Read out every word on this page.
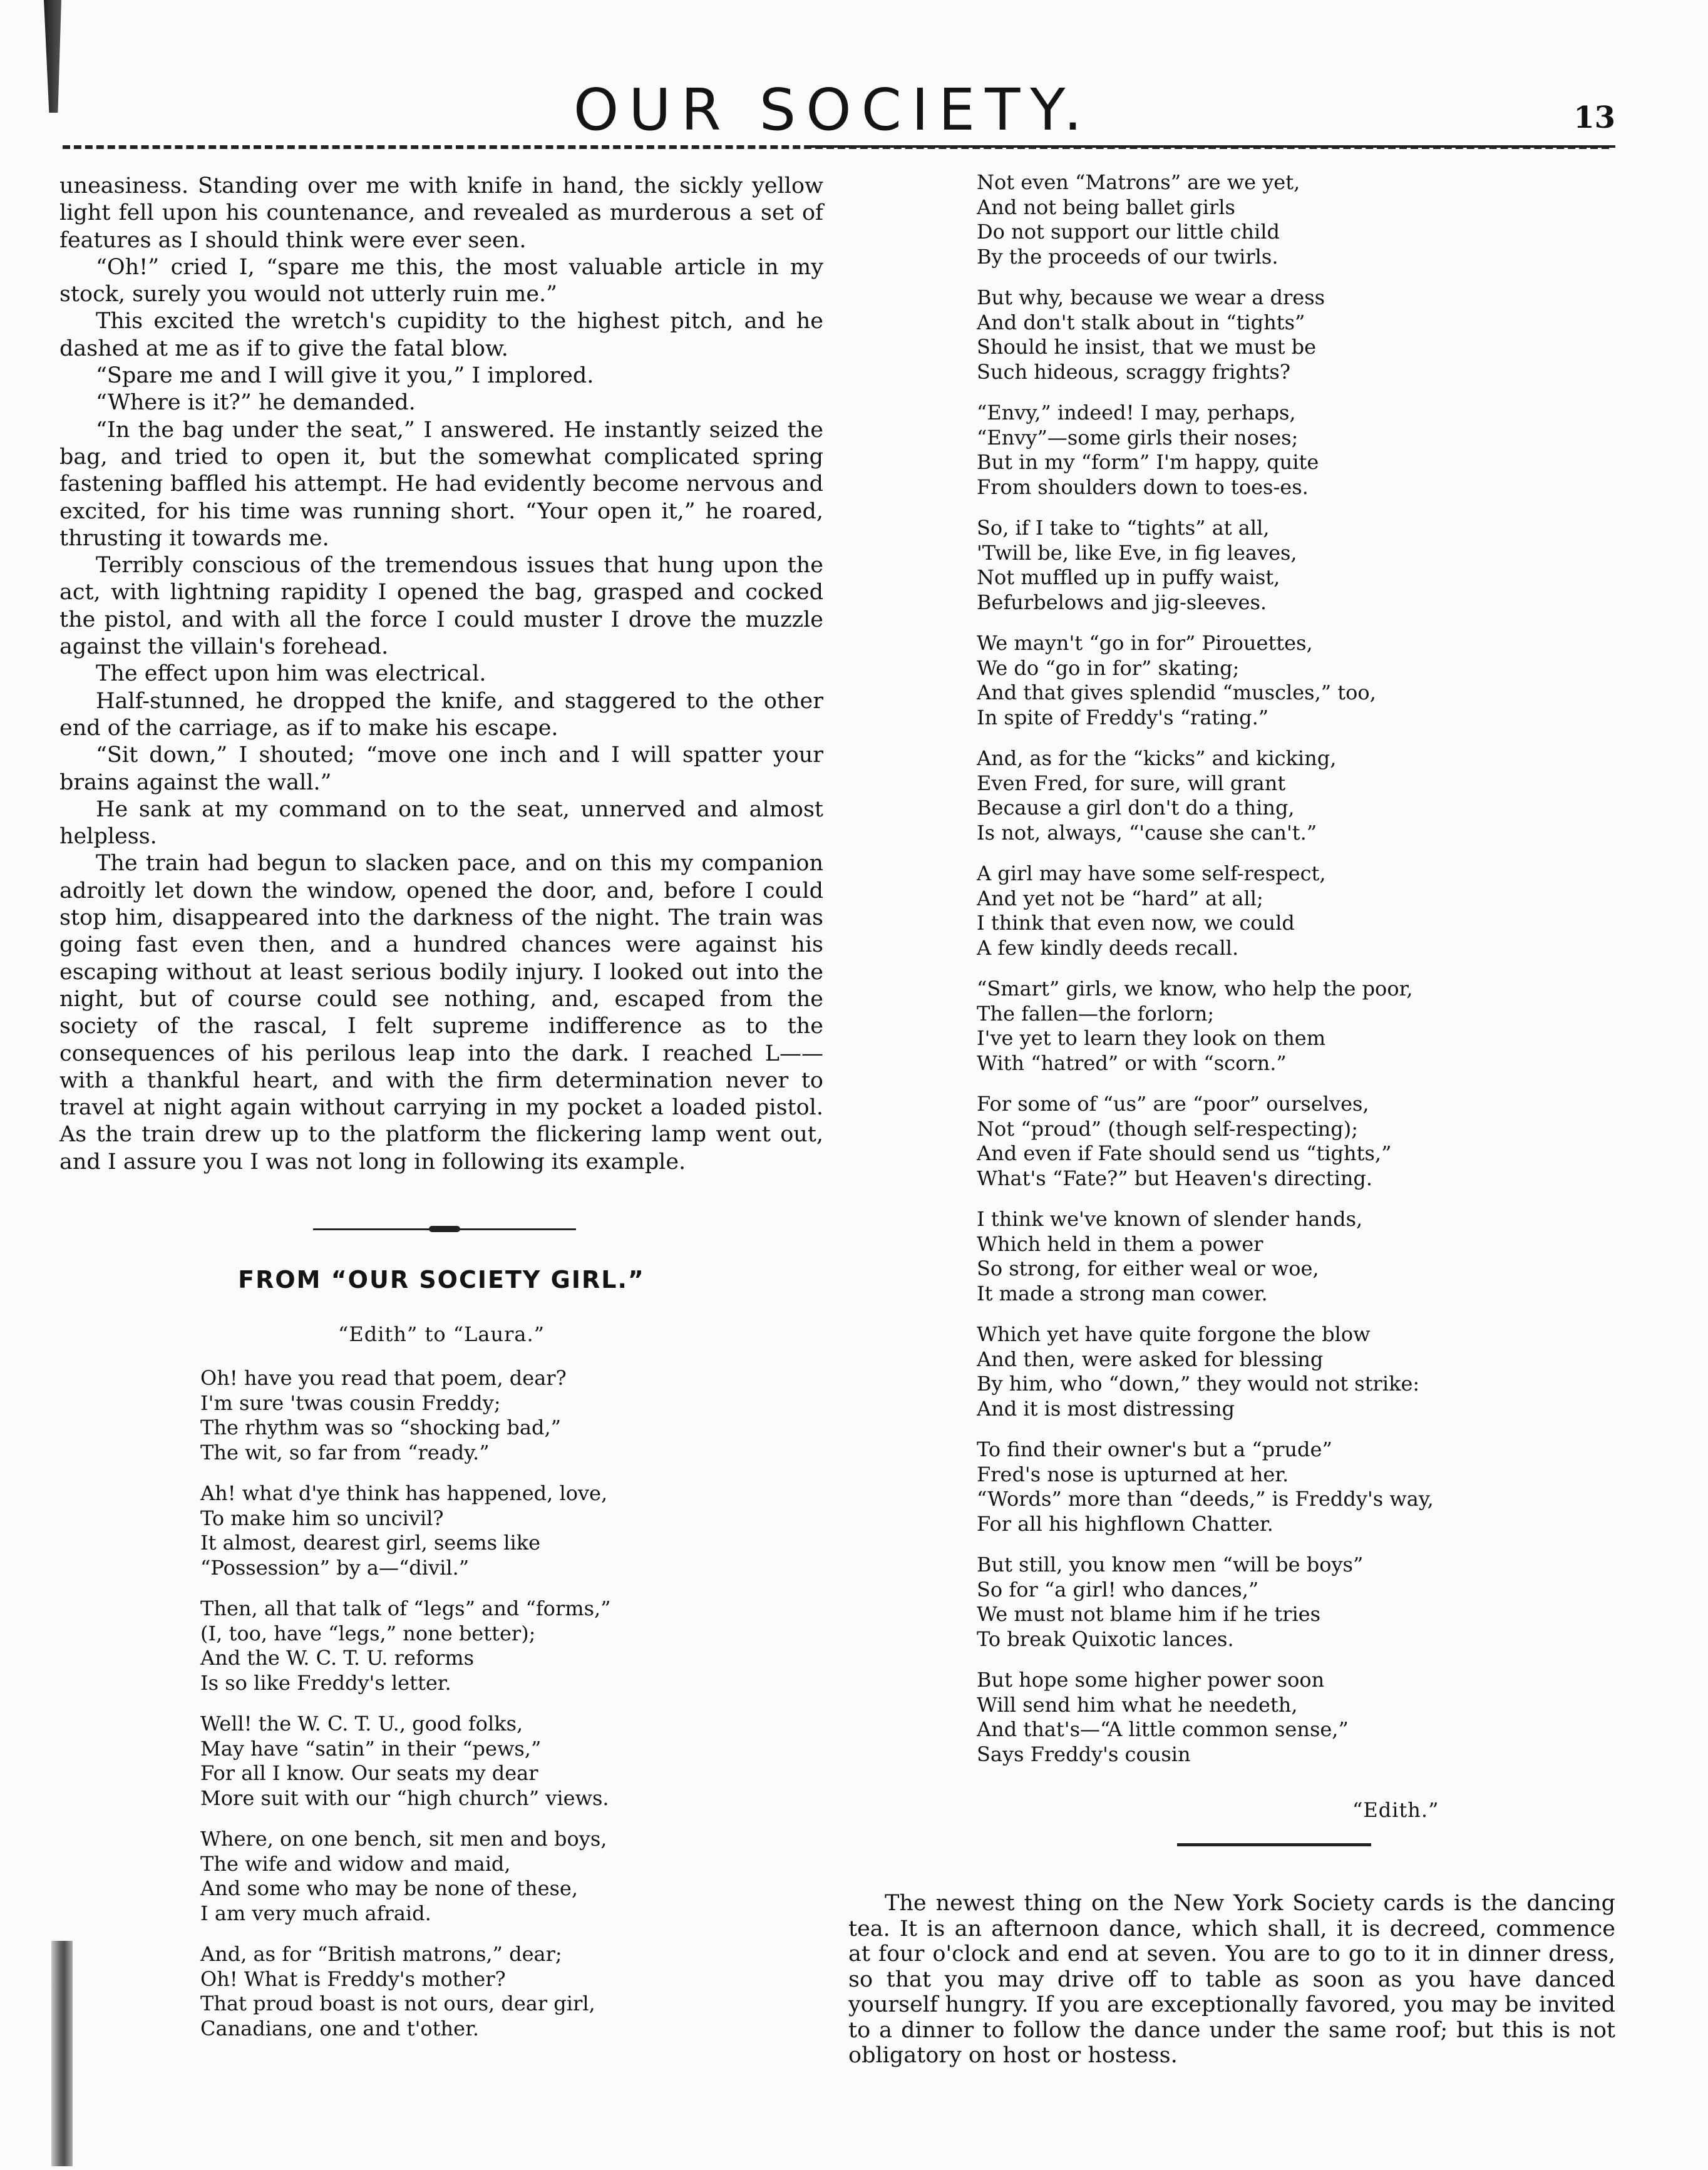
OUR SOCIETY.	13

uneasiness. Standing over me with knife in hand, the sickly yellow light fell upon his countenance, and revealed as murderous a set of features as I should think were ever seen.

“Oh!” cried I, “spare me this, the most valuable article in my stock, surely you would not utterly ruin me.”

This excited the wretch's cupidity to the highest pitch, and he dashed at me as if to give the fatal blow.

“Spare me and I will give it you,” I implored.

“Where is it?” he demanded.

“In the bag under the seat,” I answered. He instantly seized the bag, and tried to open it, but the somewhat complicated spring fastening baffled his attempt. He had evidently become nervous and excited, for his time was running short. “Your open it,” he roared, thrusting it towards me.

Terribly conscious of the tremendous issues that hung upon the act, with lightning rapidity I opened the bag, grasped and cocked the pistol, and with all the force I could muster I drove the muzzle against the villain's forehead.

The effect upon him was electrical.

Half-stunned, he dropped the knife, and staggered to the other end of the carriage, as if to make his escape.

“Sit down,” I shouted; “move one inch and I will spatter your brains against the wall.”

He sank at my command on to the seat, unnerved and almost helpless.

The train had begun to slacken pace, and on this my companion adroitly let down the window, opened the door, and, before I could stop him, disappeared into the darkness of the night. The train was going fast even then, and a hundred chances were against his escaping without at least serious bodily injury. I looked out into the night, but of course could see nothing, and, escaped from the society of the rascal, I felt supreme indifference as to the consequences of his perilous leap into the dark. I reached L—— with a thankful heart, and with the firm determination never to travel at night again without carrying in my pocket a loaded pistol. As the train drew up to the platform the flickering lamp went out, and I assure you I was not long in following its example.

FROM “OUR SOCIETY GIRL.”
“Edith” to “Laura.”
Oh! have you read that poem, dear?
I'm sure 'twas cousin Freddy;
The rhythm was so “shocking bad,”
The wit, so far from “ready.”
Ah! what d'ye think has happened, love,
To make him so uncivil?
It almost, dearest girl, seems like
“Possession” by a—“divil.”
Then, all that talk of “legs” and “forms,”
(I, too, have “legs,” none better);
And the W. C. T. U. reforms
Is so like Freddy's letter.
Well! the W. C. T. U., good folks,
May have “satin” in their “pews,”
For all I know. Our seats my dear
More suit with our “high church” views.
Where, on one bench, sit men and boys,
The wife and widow and maid,
And some who may be none of these,
I am very much afraid.
And, as for “British matrons,” dear;
Oh! What is Freddy's mother?
That proud boast is not ours, dear girl,
Canadians, one and t'other.
Not even “Matrons” are we yet,
And not being ballet girls
Do not support our little child
By the proceeds of our twirls.
But why, because we wear a dress
And don't stalk about in “tights”
Should he insist, that we must be
Such hideous, scraggy frights?
“Envy,” indeed! I may, perhaps,
“Envy”—some girls their noses;
But in my “form” I'm happy, quite
From shoulders down to toes-es.
So, if I take to “tights” at all,
'Twill be, like Eve, in fig leaves,
Not muffled up in puffy waist,
Befurbelows and jig-sleeves.
We mayn't “go in for” Pirouettes,
We do “go in for” skating;
And that gives splendid “muscles,” too,
In spite of Freddy's “rating.”
And, as for the “kicks” and kicking,
Even Fred, for sure, will grant
Because a girl don't do a thing,
Is not, always, “'cause she can't.”
A girl may have some self-respect,
And yet not be “hard” at all;
I think that even now, we could
A few kindly deeds recall.
“Smart” girls, we know, who help the poor,
The fallen—the forlorn;
I've yet to learn they look on them
With “hatred” or with “scorn.”
For some of “us” are “poor” ourselves,
Not “proud” (though self-respecting);
And even if Fate should send us “tights,”
What's “Fate?” but Heaven's directing.
I think we've known of slender hands,
Which held in them a power
So strong, for either weal or woe,
It made a strong man cower.
Which yet have quite forgone the blow
And then, were asked for blessing
By him, who “down,” they would not strike:
And it is most distressing
To find their owner's but a “prude”
Fred's nose is upturned at her.
“Words” more than “deeds,” is Freddy's way,
For all his highflown Chatter.
But still, you know men “will be boys”
So for “a girl! who dances,”
We must not blame him if he tries
To break Quixotic lances.
But hope some higher power soon
Will send him what he needeth,
And that's—“A little common sense,”
Says Freddy's cousin
“Edith.”

The newest thing on the New York Society cards is the dancing tea. It is an afternoon dance, which shall, it is decreed, commence at four o'clock and end at seven. You are to go to it in dinner dress, so that you may drive off to table as soon as you have danced yourself hungry. If you are exceptionally favored, you may be invited to a dinner to follow the dance under the same roof; but this is not obligatory on host or hostess.
